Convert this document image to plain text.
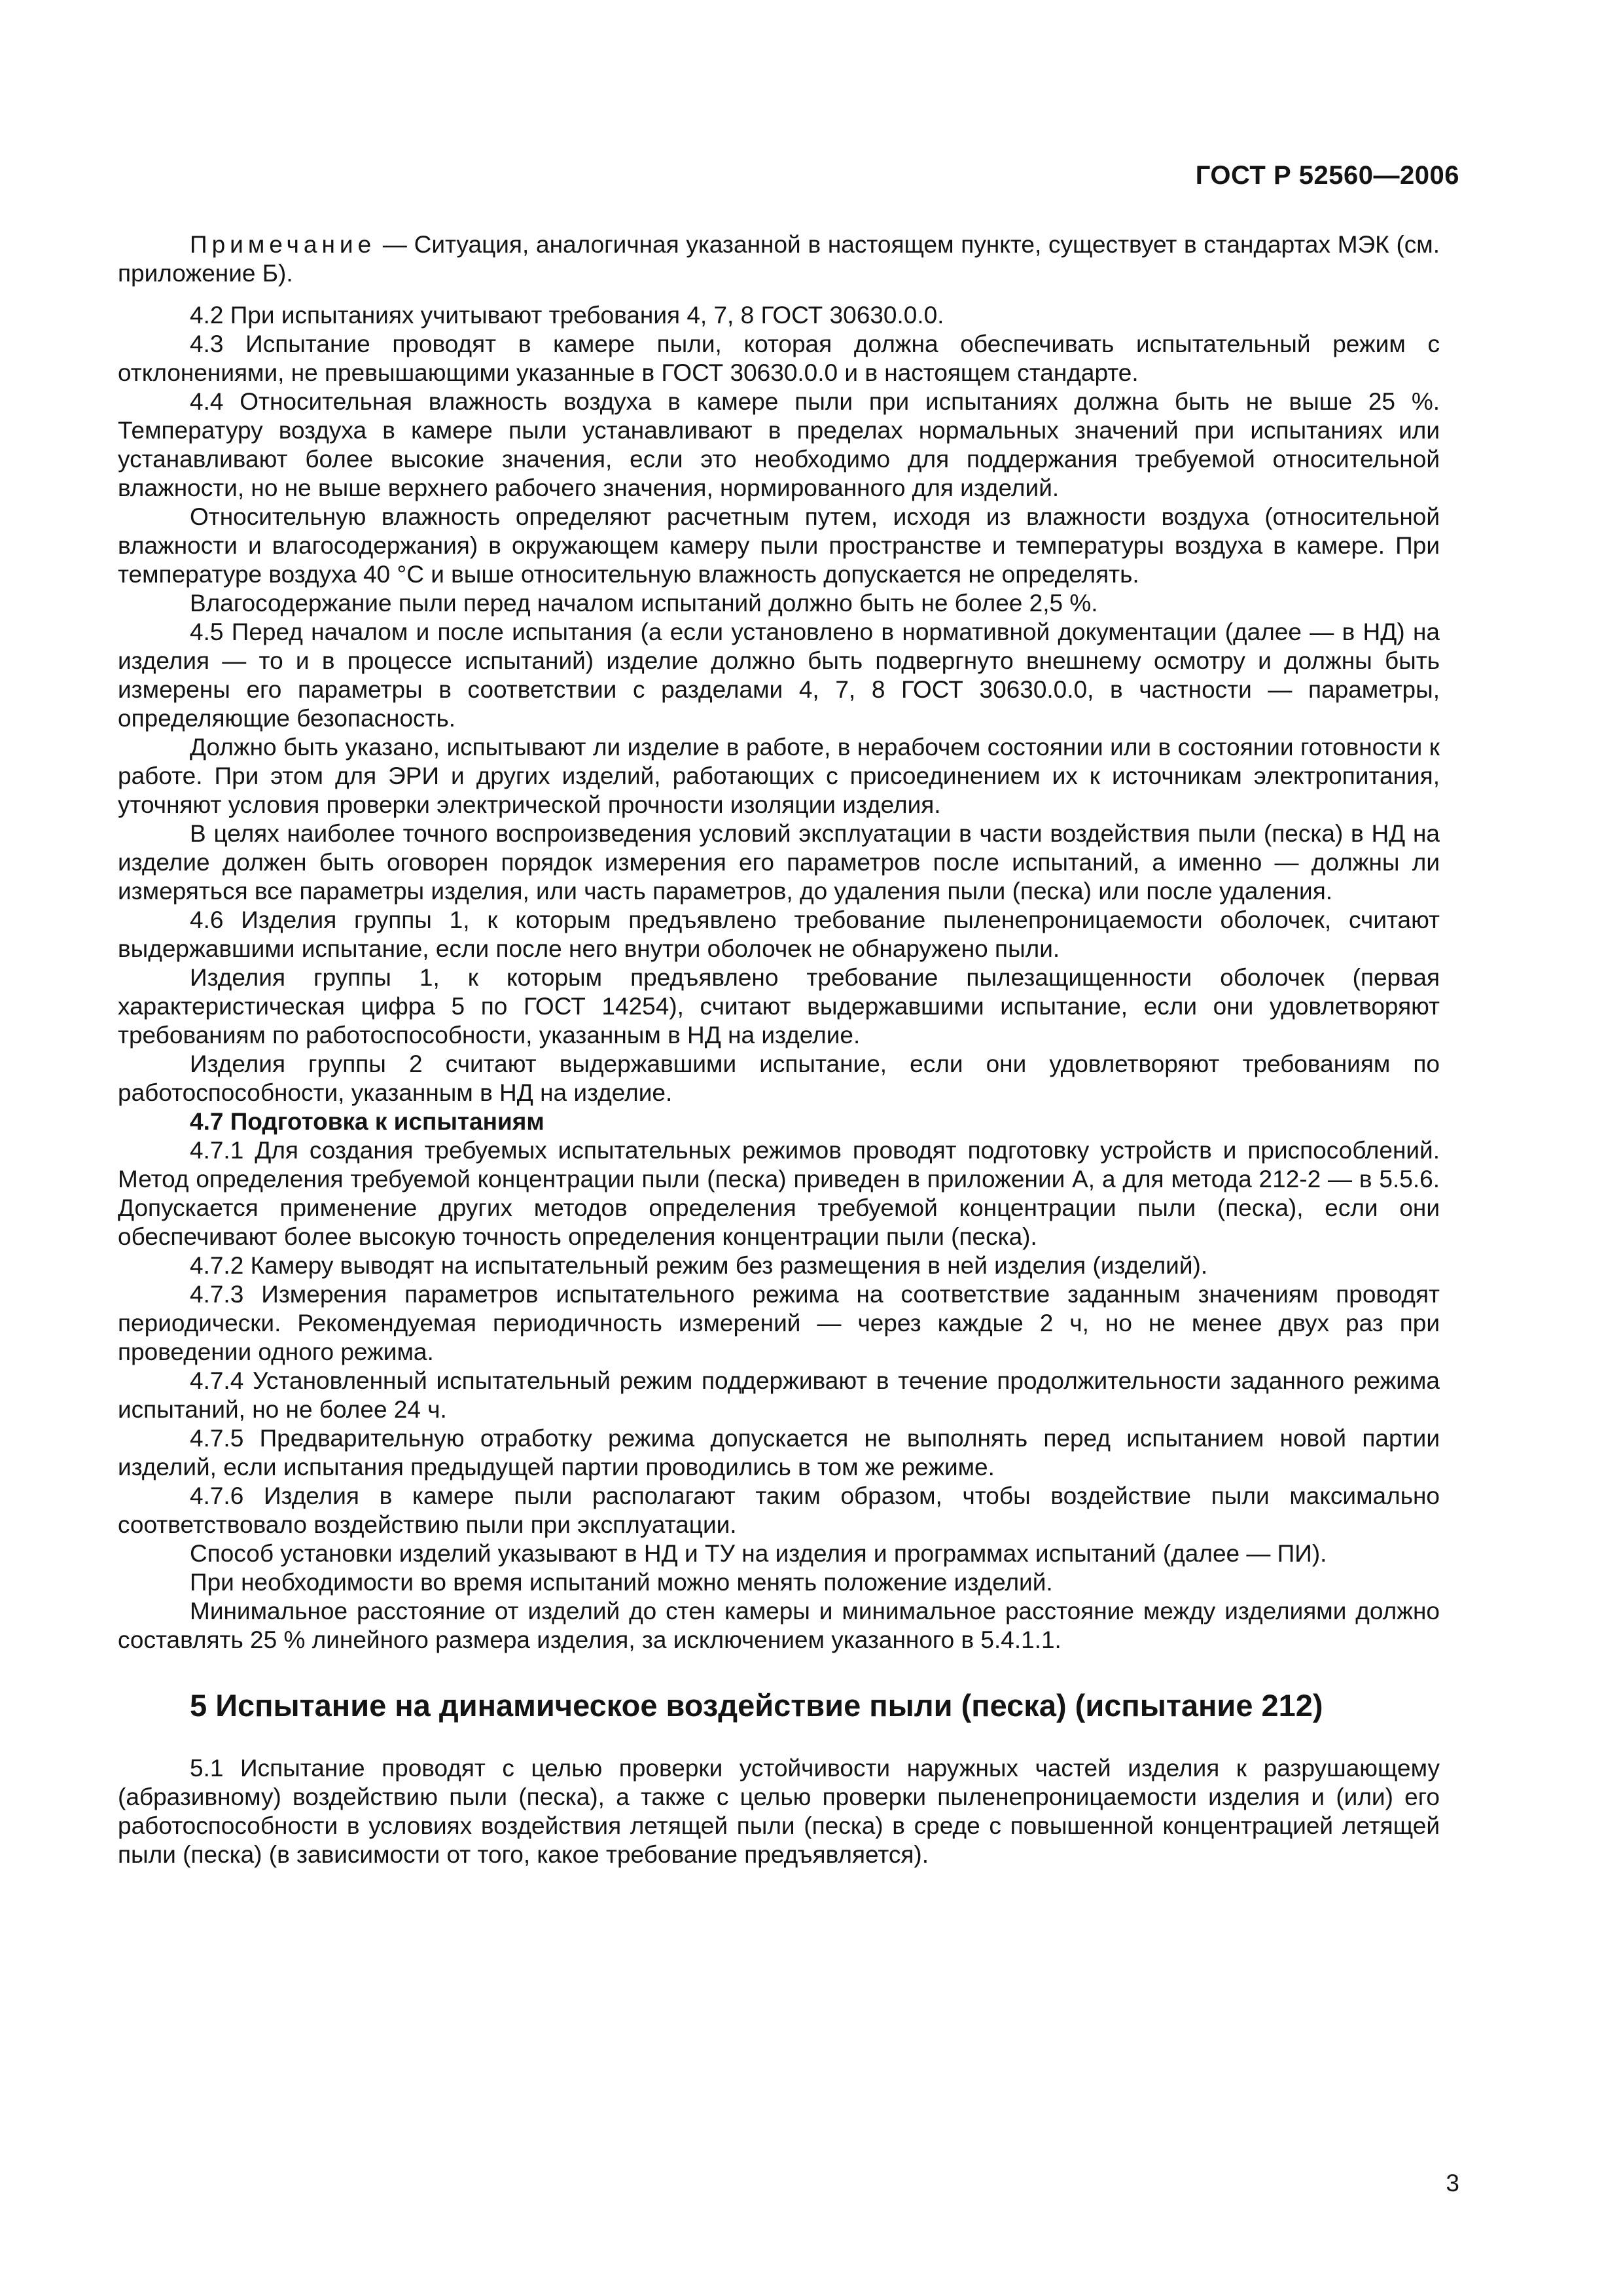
ГОСТ Р 52560—2006

Примечание — Ситуация, аналогичная указанной в настоящем пункте, существует в стандартах МЭК (см. приложение Б).

4.2 При испытаниях учитывают требования 4, 7, 8 ГОСТ 30630.0.0.

4.3 Испытание проводят в камере пыли, которая должна обеспечивать испытательный режим с отклонениями, не превышающими указанные в ГОСТ 30630.0.0 и в настоящем стандарте.

4.4 Относительная влажность воздуха в камере пыли при испытаниях должна быть не выше 25 %. Температуру воздуха в камере пыли устанавливают в пределах нормальных значений при испытаниях или устанавливают более высокие значения, если это необходимо для поддержания требуемой относительной влажности, но не выше верхнего рабочего значения, нормированного для изделий.

Относительную влажность определяют расчетным путем, исходя из влажности воздуха (относительной влажности и влагосодержания) в окружающем камеру пыли пространстве и температуры воздуха в камере. При температуре воздуха 40 °С и выше относительную влажность допускается не определять.

Влагосодержание пыли перед началом испытаний должно быть не более 2,5 %.

4.5 Перед началом и после испытания (а если установлено в нормативной документации (далее — в НД) на изделия — то и в процессе испытаний) изделие должно быть подвергнуто внешнему осмотру и должны быть измерены его параметры в соответствии с разделами 4, 7, 8 ГОСТ 30630.0.0, в частности — параметры, определяющие безопасность.

Должно быть указано, испытывают ли изделие в работе, в нерабочем состоянии или в состоянии готовности к работе. При этом для ЭРИ и других изделий, работающих с присоединением их к источникам электропитания, уточняют условия проверки электрической прочности изоляции изделия.

В целях наиболее точного воспроизведения условий эксплуатации в части воздействия пыли (песка) в НД на изделие должен быть оговорен порядок измерения его параметров после испытаний, а именно — должны ли измеряться все параметры изделия, или часть параметров, до удаления пыли (песка) или после удаления.

4.6 Изделия группы 1, к которым предъявлено требование пыленепроницаемости оболочек, считают выдержавшими испытание, если после него внутри оболочек не обнаружено пыли.

Изделия группы 1, к которым предъявлено требование пылезащищенности оболочек (первая характеристическая цифра 5 по ГОСТ 14254), считают выдержавшими испытание, если они удовлетворяют требованиям по работоспособности, указанным в НД на изделие.

Изделия группы 2 считают выдержавшими испытание, если они удовлетворяют требованиям по работоспособности, указанным в НД на изделие.

4.7 Подготовка к испытаниям

4.7.1 Для создания требуемых испытательных режимов проводят подготовку устройств и приспособлений. Метод определения требуемой концентрации пыли (песка) приведен в приложении А, а для метода 212-2 — в 5.5.6. Допускается применение других методов определения требуемой концентрации пыли (песка), если они обеспечивают более высокую точность определения концентрации пыли (песка).

4.7.2 Камеру выводят на испытательный режим без размещения в ней изделия (изделий).

4.7.3 Измерения параметров испытательного режима на соответствие заданным значениям проводят периодически. Рекомендуемая периодичность измерений — через каждые 2 ч, но не менее двух раз при проведении одного режима.

4.7.4 Установленный испытательный режим поддерживают в течение продолжительности заданного режима испытаний, но не более 24 ч.

4.7.5 Предварительную отработку режима допускается не выполнять перед испытанием новой партии изделий, если испытания предыдущей партии проводились в том же режиме.

4.7.6 Изделия в камере пыли располагают таким образом, чтобы воздействие пыли максимально соответствовало воздействию пыли при эксплуатации.

Способ установки изделий указывают в НД и ТУ на изделия и программах испытаний (далее — ПИ).

При необходимости во время испытаний можно менять положение изделий.

Минимальное расстояние от изделий до стен камеры и минимальное расстояние между изделиями должно составлять 25 % линейного размера изделия, за исключением указанного в 5.4.1.1.

5 Испытание на динамическое воздействие пыли (песка) (испытание 212)

5.1 Испытание проводят с целью проверки устойчивости наружных частей изделия к разрушающему (абразивному) воздействию пыли (песка), а также с целью проверки пыленепроницаемости изделия и (или) его работоспособности в условиях воздействия летящей пыли (песка) в среде с повышенной концентрацией летящей пыли (песка) (в зависимости от того, какое требование предъявляется).

3
